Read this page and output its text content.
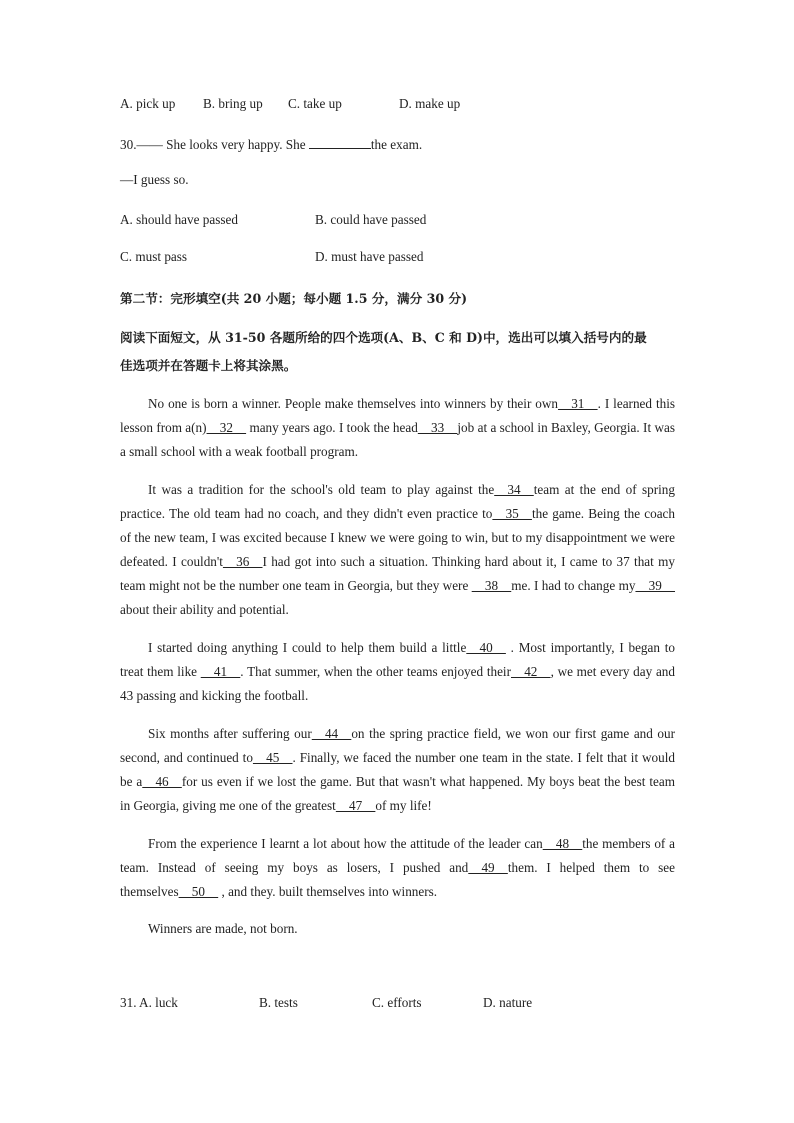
A. pick up B. bring up C. take up	D. make up
30.—— She looks very happy. She	the exam.
—I guess so.
A. should have passed	B. could have passed
C. must pass	D. must have passed
第二节：完形填空(共 20 小题；每小题 1.5 分，满分 30 分)
阅读下面短文，从 31-50 各题所给的四个选项(A、B、C 和 D)中，选出可以填入括号内的最
佳选项并在答题卡上将其涂黑。

No one is born a winner. People make themselves into winners by their own  31  . I learned this lesson from a(n)  32   many years ago. I took the head  33  job at a school in Baxley, Georgia. It was a small school with a weak football program.

It was a tradition for the school's old team to play against the  34  team at the end of spring practice. The old team had no coach, and they didn't even practice to  35  the game. Being the coach of the new team, I was excited because I knew we were going to win, but to my disappointment we were defeated. I couldn't  36  I had got into such a situation. Thinking hard about it, I came to 37 that my team might not be the number one team in Georgia, but they were   38  me. I had to change my  39  about their ability and potential.

I started doing anything I could to help them build a little  40   . Most importantly, I began to treat them like   41  . That summer, when the other teams enjoyed their  42  , we met every day and 43 passing and kicking the football.

Six months after suffering our  44  on the spring practice field, we won our first game and our second, and continued to  45  . Finally, we faced the number one team in the state. I felt that it would be a  46  for us even if we lost the game. But that wasn't what happened. My boys beat the best team in Georgia, giving me one of the greatest  47  of my life!

From the experience I learnt a lot about how the attitude of the leader can  48  the members of a team. Instead of seeing my boys as losers, I pushed and  49  them. I helped them to see themselves  50   , and they. built themselves into winners.

Winners are made, not born.

31. A. luck	B. tests	C. efforts	D. nature
